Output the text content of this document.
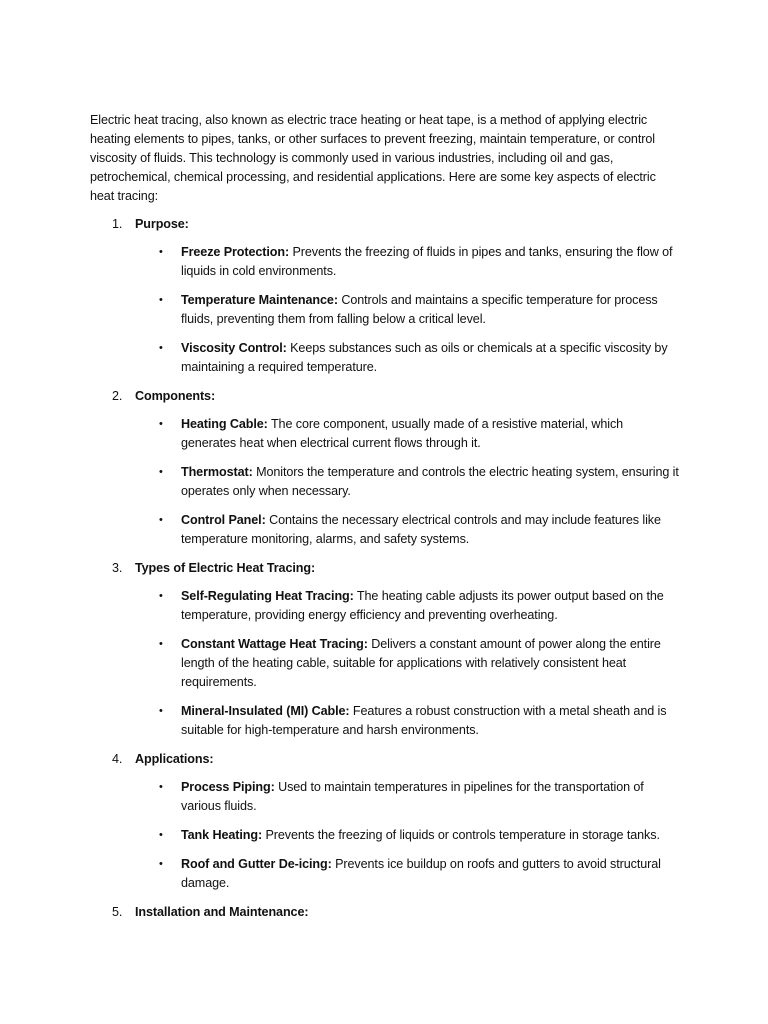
Electric heat tracing, also known as electric trace heating or heat tape, is a method of applying electric heating elements to pipes, tanks, or other surfaces to prevent freezing, maintain temperature, or control viscosity of fluids. This technology is commonly used in various industries, including oil and gas, petrochemical, chemical processing, and residential applications. Here are some key aspects of electric heat tracing:

1. Purpose:
• Freeze Protection: Prevents the freezing of fluids in pipes and tanks, ensuring the flow of liquids in cold environments.
• Temperature Maintenance: Controls and maintains a specific temperature for process fluids, preventing them from falling below a critical level.
• Viscosity Control: Keeps substances such as oils or chemicals at a specific viscosity by maintaining a required temperature.
2. Components:
• Heating Cable: The core component, usually made of a resistive material, which generates heat when electrical current flows through it.
• Thermostat: Monitors the temperature and controls the electric heating system, ensuring it operates only when necessary.
• Control Panel: Contains the necessary electrical controls and may include features like temperature monitoring, alarms, and safety systems.
3. Types of Electric Heat Tracing:
• Self-Regulating Heat Tracing: The heating cable adjusts its power output based on the temperature, providing energy efficiency and preventing overheating.
• Constant Wattage Heat Tracing: Delivers a constant amount of power along the entire length of the heating cable, suitable for applications with relatively consistent heat requirements.
• Mineral-Insulated (MI) Cable: Features a robust construction with a metal sheath and is suitable for high-temperature and harsh environments.
4. Applications:
• Process Piping: Used to maintain temperatures in pipelines for the transportation of various fluids.
• Tank Heating: Prevents the freezing of liquids or controls temperature in storage tanks.
• Roof and Gutter De-icing: Prevents ice buildup on roofs and gutters to avoid structural damage.
5. Installation and Maintenance:
